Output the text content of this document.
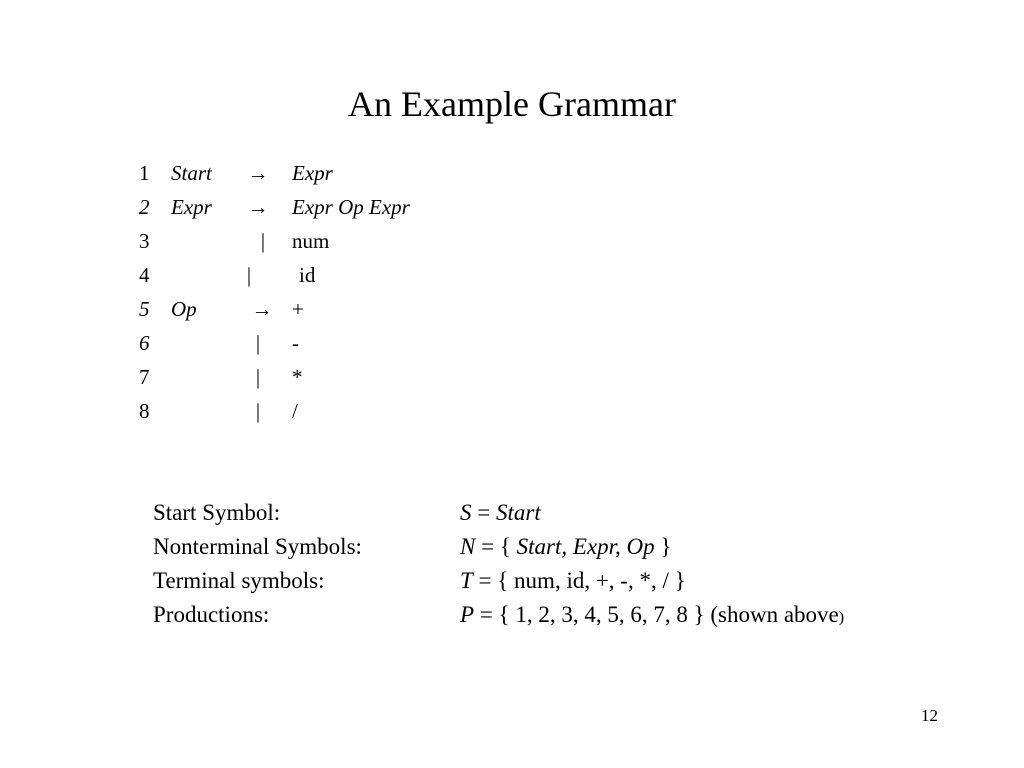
An Example Grammar
1 Start → Expr
2 Expr → Expr Op Expr
3	|	num
4	|	id
5 Op	→ +
6	|	-
7	|	*
8	|	/
Start Symbol:	S = Start
Nonterminal Symbols:	N = { Start, Expr, Op }
Terminal symbols:	T = { num, id, +, -, *, / }
Productions:	P = { 1, 2, 3, 4, 5, 6, 7, 8 } (shown above)
12
